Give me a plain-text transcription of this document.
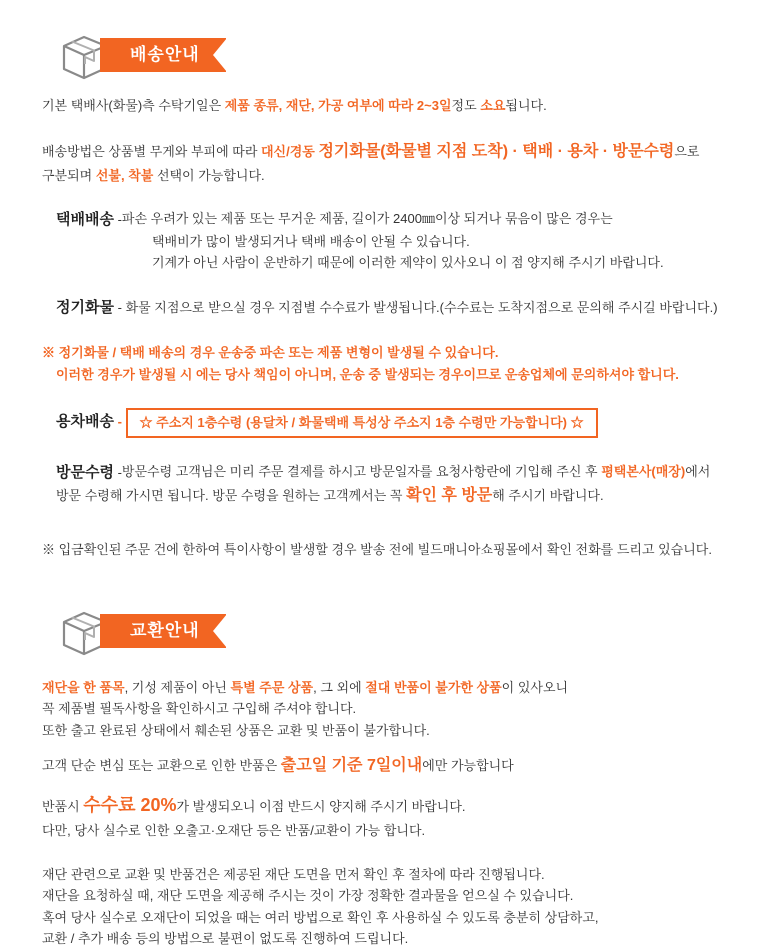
배송안내
기본 택배사(화물)측 수탁기일은 제품 종류, 재단, 가공 여부에 따라 2~3일정도 소요됩니다.
배송방법은 상품별 무게와 부피에 따라 대신/경동 정기화물(화물별 지점 도착) · 택배 · 용차 · 방문수령으로
구분되며 선불, 착불 선택이 가능합니다.
택배배송 - 파손 우려가 있는 제품 또는 무거운 제품, 길이가 2400㎜이상 되거나 묶음이 많은 경우는
택배비가 많이 발생되거나 택배 배송이 안될 수 있습니다.
기계가 아닌 사람이 운반하기 때문에 이러한 제약이 있사오니 이 점 양지해 주시기 바랍니다.
정기화물 - 화물 지점으로 받으실 경우 지점별 수수료가 발생됩니다.(수수료는 도착지점으로 문의해 주시길 바랍니다.)
※ 정기화물 / 택배 배송의 경우 운송중 파손 또는 제품 변형이 발생될 수 있습니다.
이러한 경우가 발생될 시 에는 당사 책임이 아니며, 운송 중 발생되는 경우이므로 운송업체에 문의하셔야 합니다.
용차배송 - ☆ 주소지 1층수령 (용달차 / 화물택배 특성상 주소지 1층 수령만 가능합니다) ☆
방문수령 - 방문수령 고객님은 미리 주문 결제를 하시고 방문일자를 요청사항란에 기입해 주신 후 평택본사(매장)에서
방문 수령해 가시면 됩니다. 방문 수령을 원하는 고객께서는 꼭 확인 후 방문해 주시기 바랍니다.
※ 입금확인된 주문 건에 한하여 특이사항이 발생할 경우 발송 전에 빌드매니아쇼핑몰에서 확인 전화를 드리고 있습니다.
교환안내
재단을 한 품목, 기성 제품이 아닌 특별 주문 상품, 그 외에 절대 반품이 불가한 상품이 있사오니
꼭 제품별 필독사항을 확인하시고 구입해 주셔야 합니다.
또한 출고 완료된 상태에서 훼손된 상품은 교환 및 반품이 불가합니다.
고객 단순 변심 또는 교환으로 인한 반품은 출고일 기준 7일이내에만 가능합니다
반품시 수수료 20%가 발생되오니 이점 반드시 양지해 주시기 바랍니다.
다만, 당사 실수로 인한 오출고·오재단 등은 반품/교환이 가능 합니다.
재단 관련으로 교환 및 반품건은 제공된 재단 도면을 먼저 확인 후 절차에 따라 진행됩니다.
재단을 요청하실 때, 재단 도면을 제공해 주시는 것이 가장 정확한 결과물을 얻으실 수 있습니다.
혹여 당사 실수로 오재단이 되었을 때는 여러 방법으로 확인 후 사용하실 수 있도록 충분히 상담하고,
교환 / 추가 배송 등의 방법으로 불편이 없도록 진행하여 드립니다.
